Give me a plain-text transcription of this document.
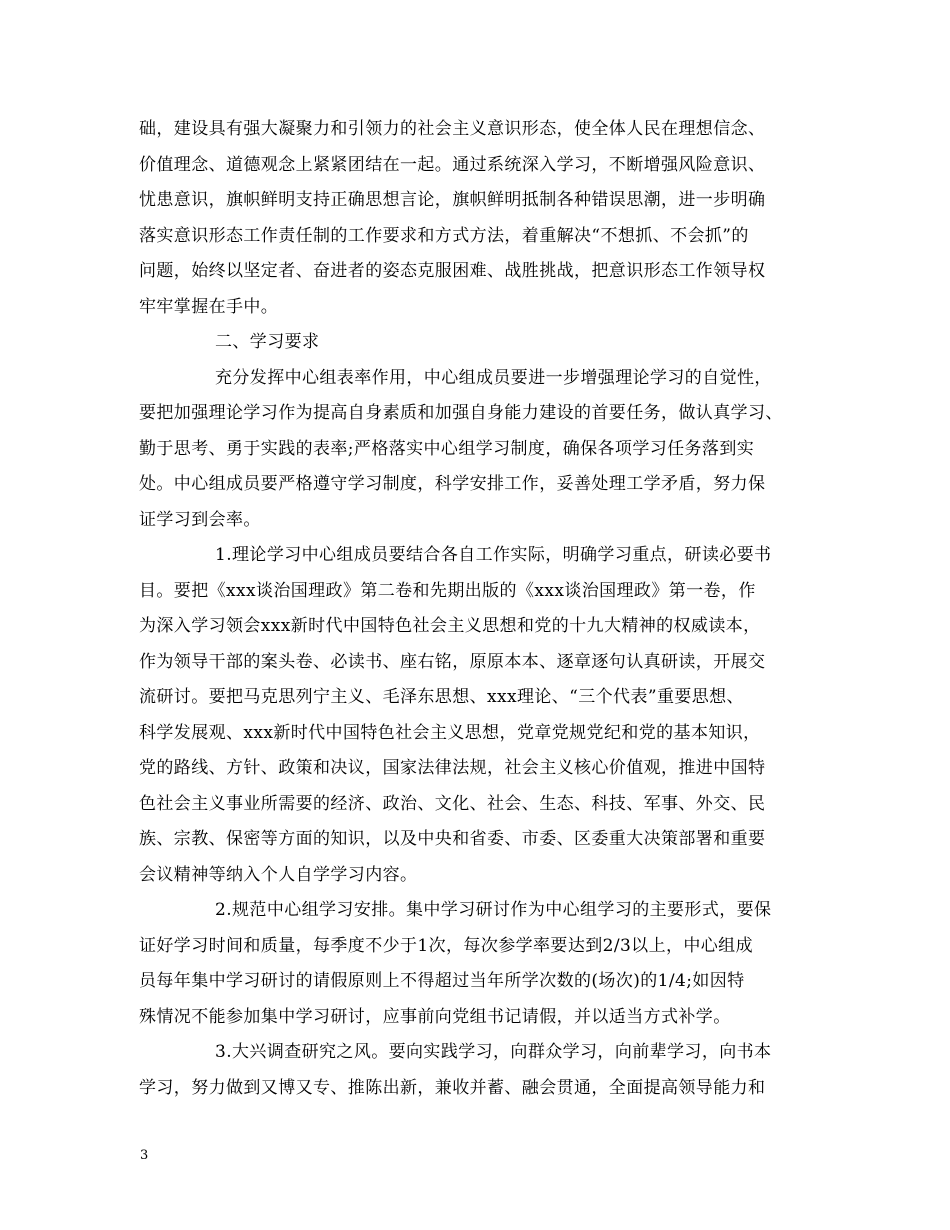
础，建设具有强大凝聚力和引领力的社会主义意识形态，使全体人民在理想信念、
价值理念、道德观念上紧紧团结在一起。通过系统深入学习，不断增强风险意识、
忧患意识，旗帜鲜明支持正确思想言论，旗帜鲜明抵制各种错误思潮，进一步明确
落实意识形态工作责任制的工作要求和方式方法，着重解决“不想抓、不会抓”的
问题，始终以坚定者、奋进者的姿态克服困难、战胜挑战，把意识形态工作领导权
牢牢掌握在手中。
二、学习要求
充分发挥中心组表率作用，中心组成员要进一步增强理论学习的自觉性，
要把加强理论学习作为提高自身素质和加强自身能力建设的首要任务，做认真学习、
勤于思考、勇于实践的表率;严格落实中心组学习制度，确保各项学习任务落到实
处。中心组成员要严格遵守学习制度，科学安排工作，妥善处理工学矛盾，努力保
证学习到会率。
1.理论学习中心组成员要结合各自工作实际，明确学习重点，研读必要书
目。要把《xxx谈治国理政》第二卷和先期出版的《xxx谈治国理政》第一卷，作
为深入学习领会xxx新时代中国特色社会主义思想和党的十九大精神的权威读本，
作为领导干部的案头卷、必读书、座右铭，原原本本、逐章逐句认真研读，开展交
流研讨。要把马克思列宁主义、毛泽东思想、xxx理论、“三个代表”重要思想、
科学发展观、xxx新时代中国特色社会主义思想，党章党规党纪和党的基本知识，
党的路线、方针、政策和决议，国家法律法规，社会主义核心价值观，推进中国特
色社会主义事业所需要的经济、政治、文化、社会、生态、科技、军事、外交、民
族、宗教、保密等方面的知识，以及中央和省委、市委、区委重大决策部署和重要
会议精神等纳入个人自学学习内容。
2.规范中心组学习安排。集中学习研讨作为中心组学习的主要形式，要保
证好学习时间和质量，每季度不少于1次，每次参学率要达到2/3以上，中心组成
员每年集中学习研讨的请假原则上不得超过当年所学次数的(场次)的1/4;如因特
殊情况不能参加集中学习研讨，应事前向党组书记请假，并以适当方式补学。
3.大兴调查研究之风。要向实践学习，向群众学习，向前辈学习，向书本
学习，努力做到又博又专、推陈出新，兼收并蓄、融会贯通，全面提高领导能力和
3
